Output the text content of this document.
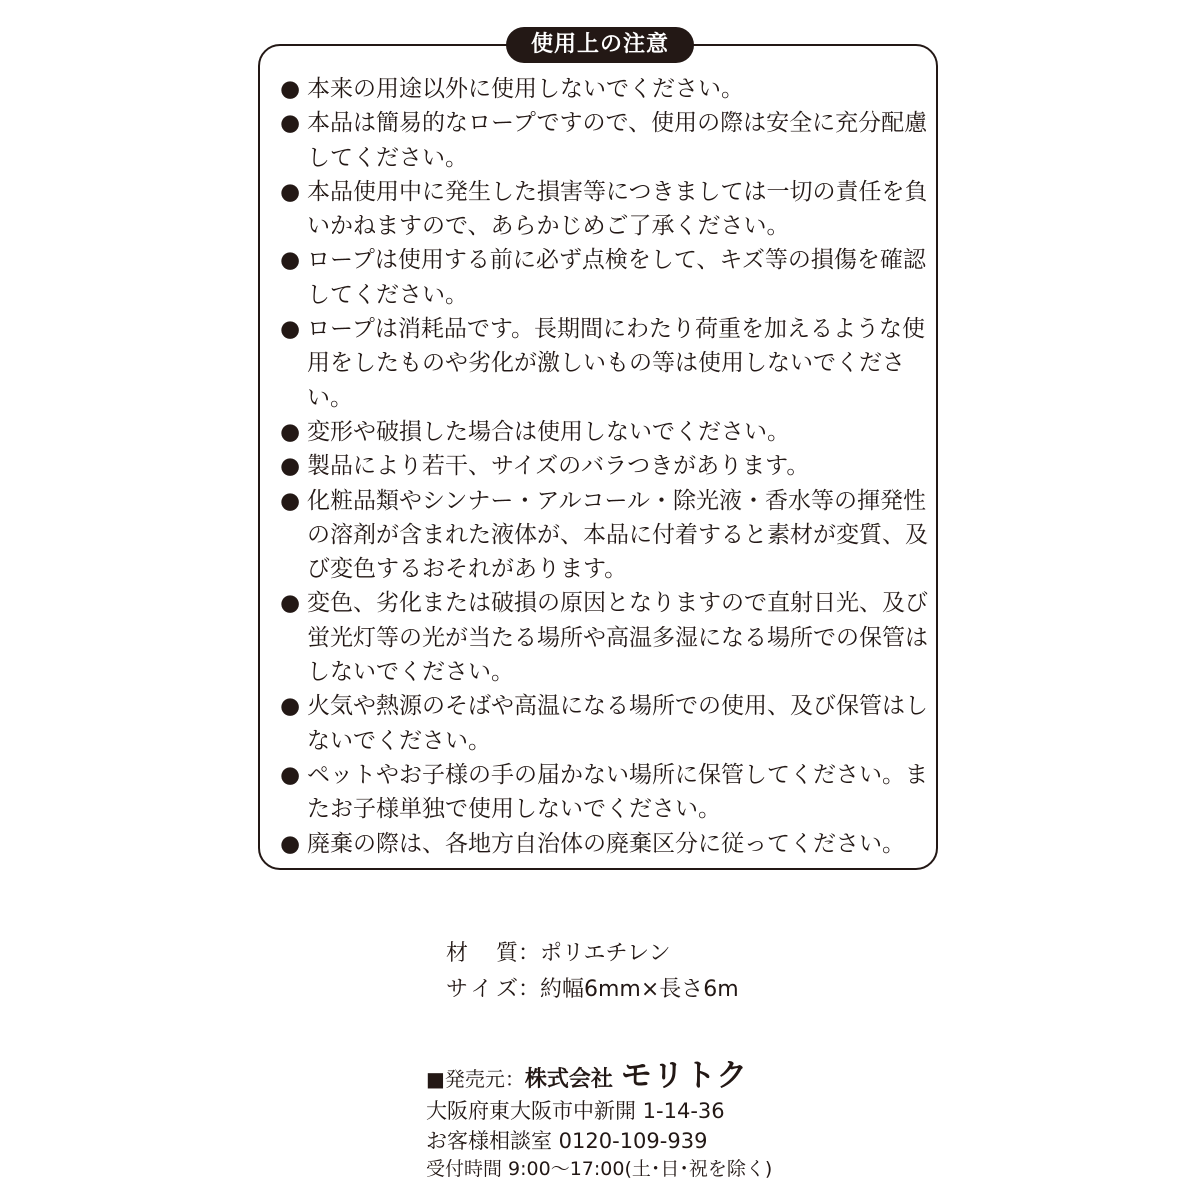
使用上の注意
● 本来の用途以外に使用しないでください。
● 本品は簡易的なロープですので、使用の際は安全に充分配慮してください。
● 本品使用中に発生した損害等につきましては一切の責任を負いかねますので、あらかじめご了承ください。
● ロープは使用する前に必ず点検をして、キズ等の損傷を確認してください。
● ロープは消耗品です。長期間にわたり荷重を加えるような使用をしたものや劣化が激しいもの等は使用しないでください。
● 変形や破損した場合は使用しないでください。
● 製品により若干、サイズのバラつきがあります。
● 化粧品類やシンナー・アルコール・除光液・香水等の揮発性の溶剤が含まれた液体が、本品に付着すると素材が変質、及び変色するおそれがあります。
● 変色、劣化または破損の原因となりますので直射日光、及び蛍光灯等の光が当たる場所や高温多湿になる場所での保管はしないでください。
● 火気や熱源のそばや高温になる場所での使用、及び保管はしないでください。
● ペットやお子様の手の届かない場所に保管してください。またお子様単独で使用しないでください。
● 廃棄の際は、各地方自治体の廃棄区分に従ってください。
材質 ： ポリエチレン
サイズ ： 約幅6mm×長さ6m
■発売元： 株式会社 モリトク
大阪府東大阪市中新開 1-14-36
お客様相談室 0120-109-939
受付時間 9:00〜17:00(土･日･祝を除く)
